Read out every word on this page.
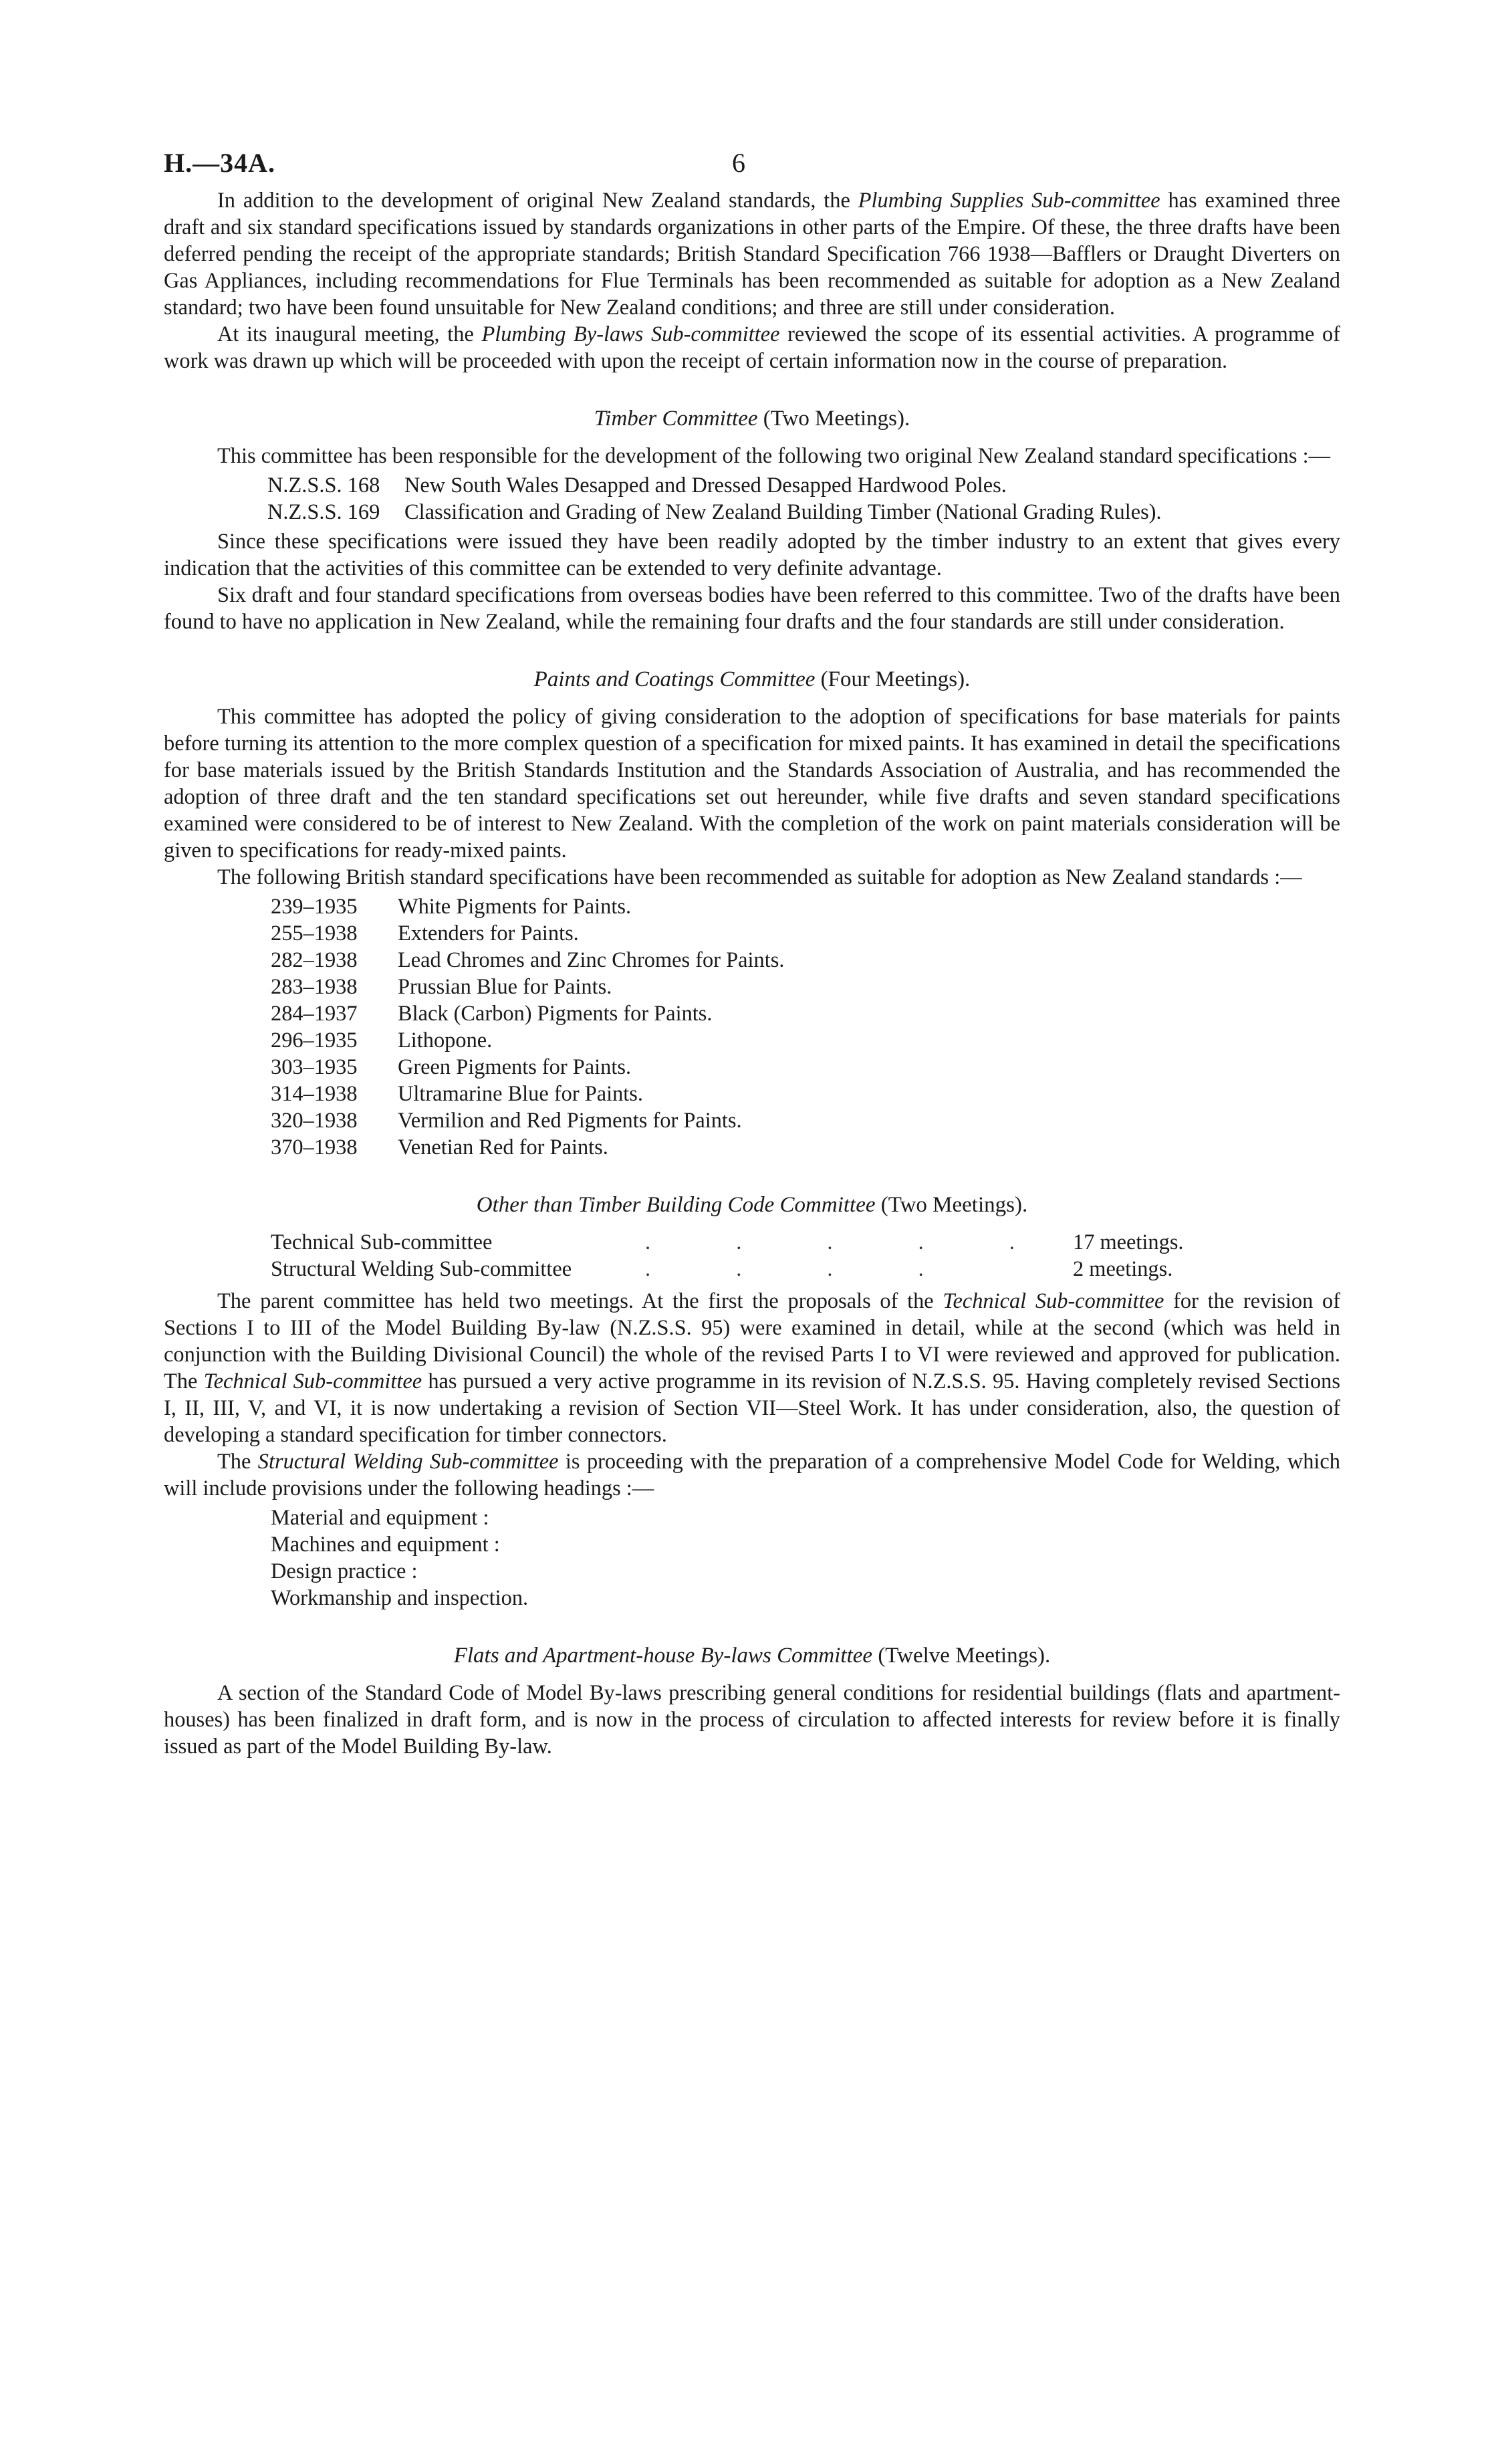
H.—34A.	6

In addition to the development of original New Zealand standards, the Plumbing Supplies Sub-committee has examined three draft and six standard specifications issued by standards organizations in other parts of the Empire. Of these, the three drafts have been deferred pending the receipt of the appropriate standards; British Standard Specification 766 1938—Bafflers or Draught Diverters on Gas Appliances, including recommendations for Flue Terminals has been recommended as suitable for adoption as a New Zealand standard; two have been found unsuitable for New Zealand conditions; and three are still under consideration.

At its inaugural meeting, the Plumbing By-laws Sub-committee reviewed the scope of its essential activities. A programme of work was drawn up which will be proceeded with upon the receipt of certain information now in the course of preparation.

Timber Committee (Two Meetings).

This committee has been responsible for the development of the following two original New Zealand standard specifications :—

N.Z.S.S. 168	New South Wales Desapped and Dressed Desapped Hardwood Poles.
N.Z.S.S. 169	Classification and Grading of New Zealand Building Timber (National Grading Rules).

Since these specifications were issued they have been readily adopted by the timber industry to an extent that gives every indication that the activities of this committee can be extended to very definite advantage.

Six draft and four standard specifications from overseas bodies have been referred to this committee. Two of the drafts have been found to have no application in New Zealand, while the remaining four drafts and the four standards are still under consideration.

Paints and Coatings Committee (Four Meetings).

This committee has adopted the policy of giving consideration to the adoption of specifications for base materials for paints before turning its attention to the more complex question of a specification for mixed paints. It has examined in detail the specifications for base materials issued by the British Standards Institution and the Standards Association of Australia, and has recommended the adoption of three draft and the ten standard specifications set out hereunder, while five drafts and seven standard specifications examined were considered to be of interest to New Zealand. With the completion of the work on paint materials consideration will be given to specifications for ready-mixed paints.

The following British standard specifications have been recommended as suitable for adoption as New Zealand standards :—

239–1935	White Pigments for Paints.
255–1938	Extenders for Paints.
282–1938	Lead Chromes and Zinc Chromes for Paints.
283–1938	Prussian Blue for Paints.
284–1937	Black (Carbon) Pigments for Paints.
296–1935	Lithopone.
303–1935	Green Pigments for Paints.
314–1938	Ultramarine Blue for Paints.
320–1938	Vermilion and Red Pigments for Paints.
370–1938	Venetian Red for Paints.
Other than Timber Building Code Committee (Two Meetings).
Technical Sub-committee	. . . . . 17 meetings.
Structural Welding Sub-committee	. . . .	2 meetings.

The parent committee has held two meetings. At the first the proposals of the Technical Sub-committee for the revision of Sections I to III of the Model Building By-law (N.Z.S.S. 95) were examined in detail, while at the second (which was held in conjunction with the Building Divisional Council) the whole of the revised Parts I to VI were reviewed and approved for publication. The Technical Sub-committee has pursued a very active programme in its revision of N.Z.S.S. 95. Having completely revised Sections I, II, III, V, and VI, it is now undertaking a revision of Section VII—Steel Work. It has under consideration, also, the question of developing a standard specification for timber connectors.

The Structural Welding Sub-committee is proceeding with the preparation of a comprehensive Model Code for Welding, which will include provisions under the following headings :—

Material and equipment :
Machines and equipment :
Design practice :
Workmanship and inspection.
Flats and Apartment-house By-laws Committee (Twelve Meetings).

A section of the Standard Code of Model By-laws prescribing general conditions for residential buildings (flats and apartment-houses) has been finalized in draft form, and is now in the process of circulation to affected interests for review before it is finally issued as part of the Model Building By-law.
